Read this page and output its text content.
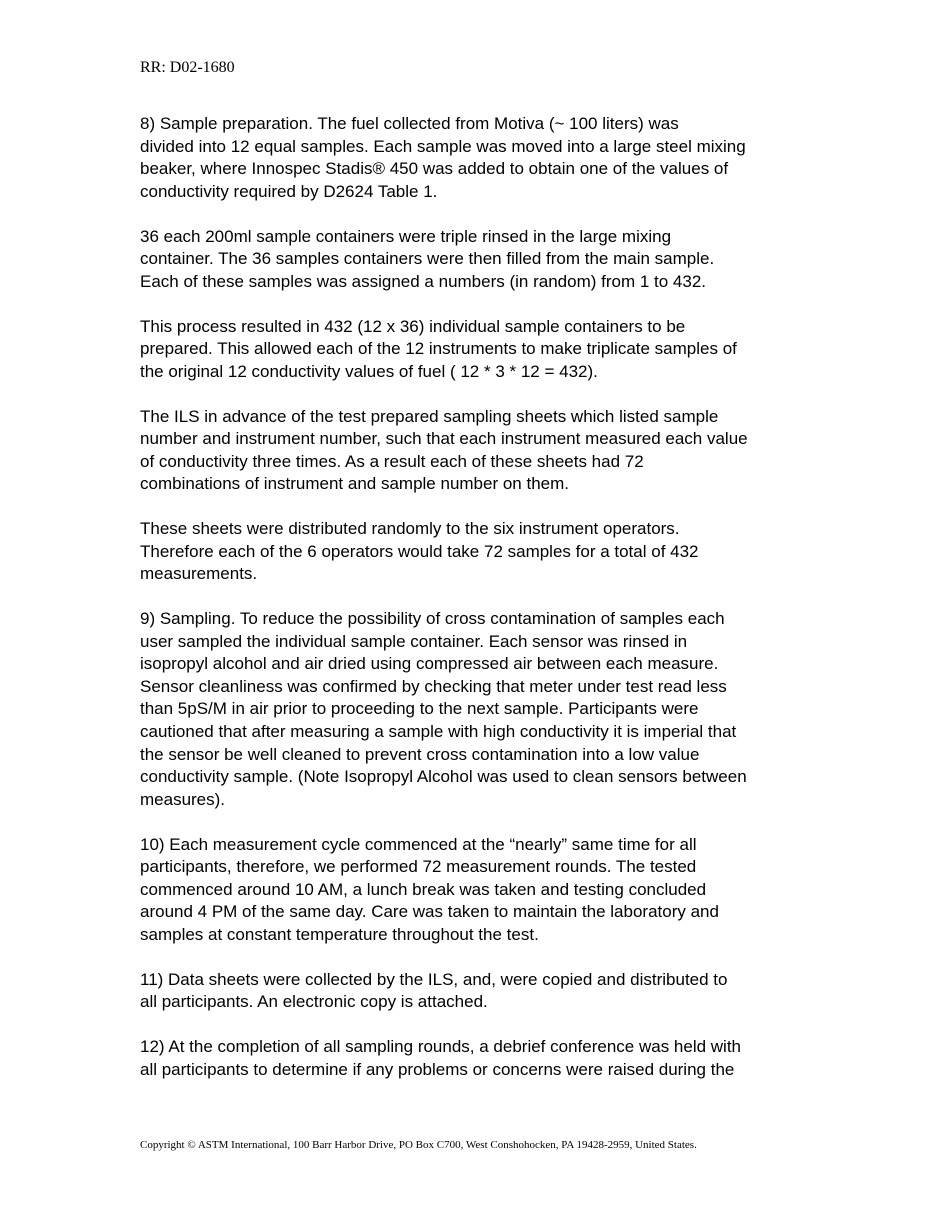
RR: D02-1680

8) Sample preparation. The fuel collected from Motiva (~ 100 liters) was
divided into 12 equal samples. Each sample was moved into a large steel mixing
beaker, where Innospec Stadis® 450 was added to obtain one of the values of
conductivity required by D2624 Table 1.

36 each 200ml sample containers were triple rinsed in the large mixing
container. The 36 samples containers were then filled from the main sample.
Each of these samples was assigned a numbers (in random) from 1 to 432.

This process resulted in 432 (12 x 36) individual sample containers to be
prepared. This allowed each of the 12 instruments to make triplicate samples of
the original 12 conductivity values of fuel ( 12 * 3 * 12 = 432).

The ILS in advance of the test prepared sampling sheets which listed sample
number and instrument number, such that each instrument measured each value
of conductivity three times. As a result each of these sheets had 72
combinations of instrument and sample number on them.

These sheets were distributed randomly to the six instrument operators.
Therefore each of the 6 operators would take 72 samples for a total of 432
measurements.

9) Sampling. To reduce the possibility of cross contamination of samples each
user sampled the individual sample container. Each sensor was rinsed in
isopropyl alcohol and air dried using compressed air between each measure.
Sensor cleanliness was confirmed by checking that meter under test read less
than 5pS/M in air prior to proceeding to the next sample. Participants were
cautioned that after measuring a sample with high conductivity it is imperial that
the sensor be well cleaned to prevent cross contamination into a low value
conductivity sample. (Note Isopropyl Alcohol was used to clean sensors between
measures).

10) Each measurement cycle commenced at the “nearly” same time for all
participants, therefore, we performed 72 measurement rounds. The tested
commenced around 10 AM, a lunch break was taken and testing concluded
around 4 PM of the same day. Care was taken to maintain the laboratory and
samples at constant temperature throughout the test.

11) Data sheets were collected by the ILS, and, were copied and distributed to
all participants. An electronic copy is attached.

12) At the completion of all sampling rounds, a debrief conference was held with
all participants to determine if any problems or concerns were raised during the

Copyright © ASTM International, 100 Barr Harbor Drive, PO Box C700, West Conshohocken, PA 19428-2959, United States.
